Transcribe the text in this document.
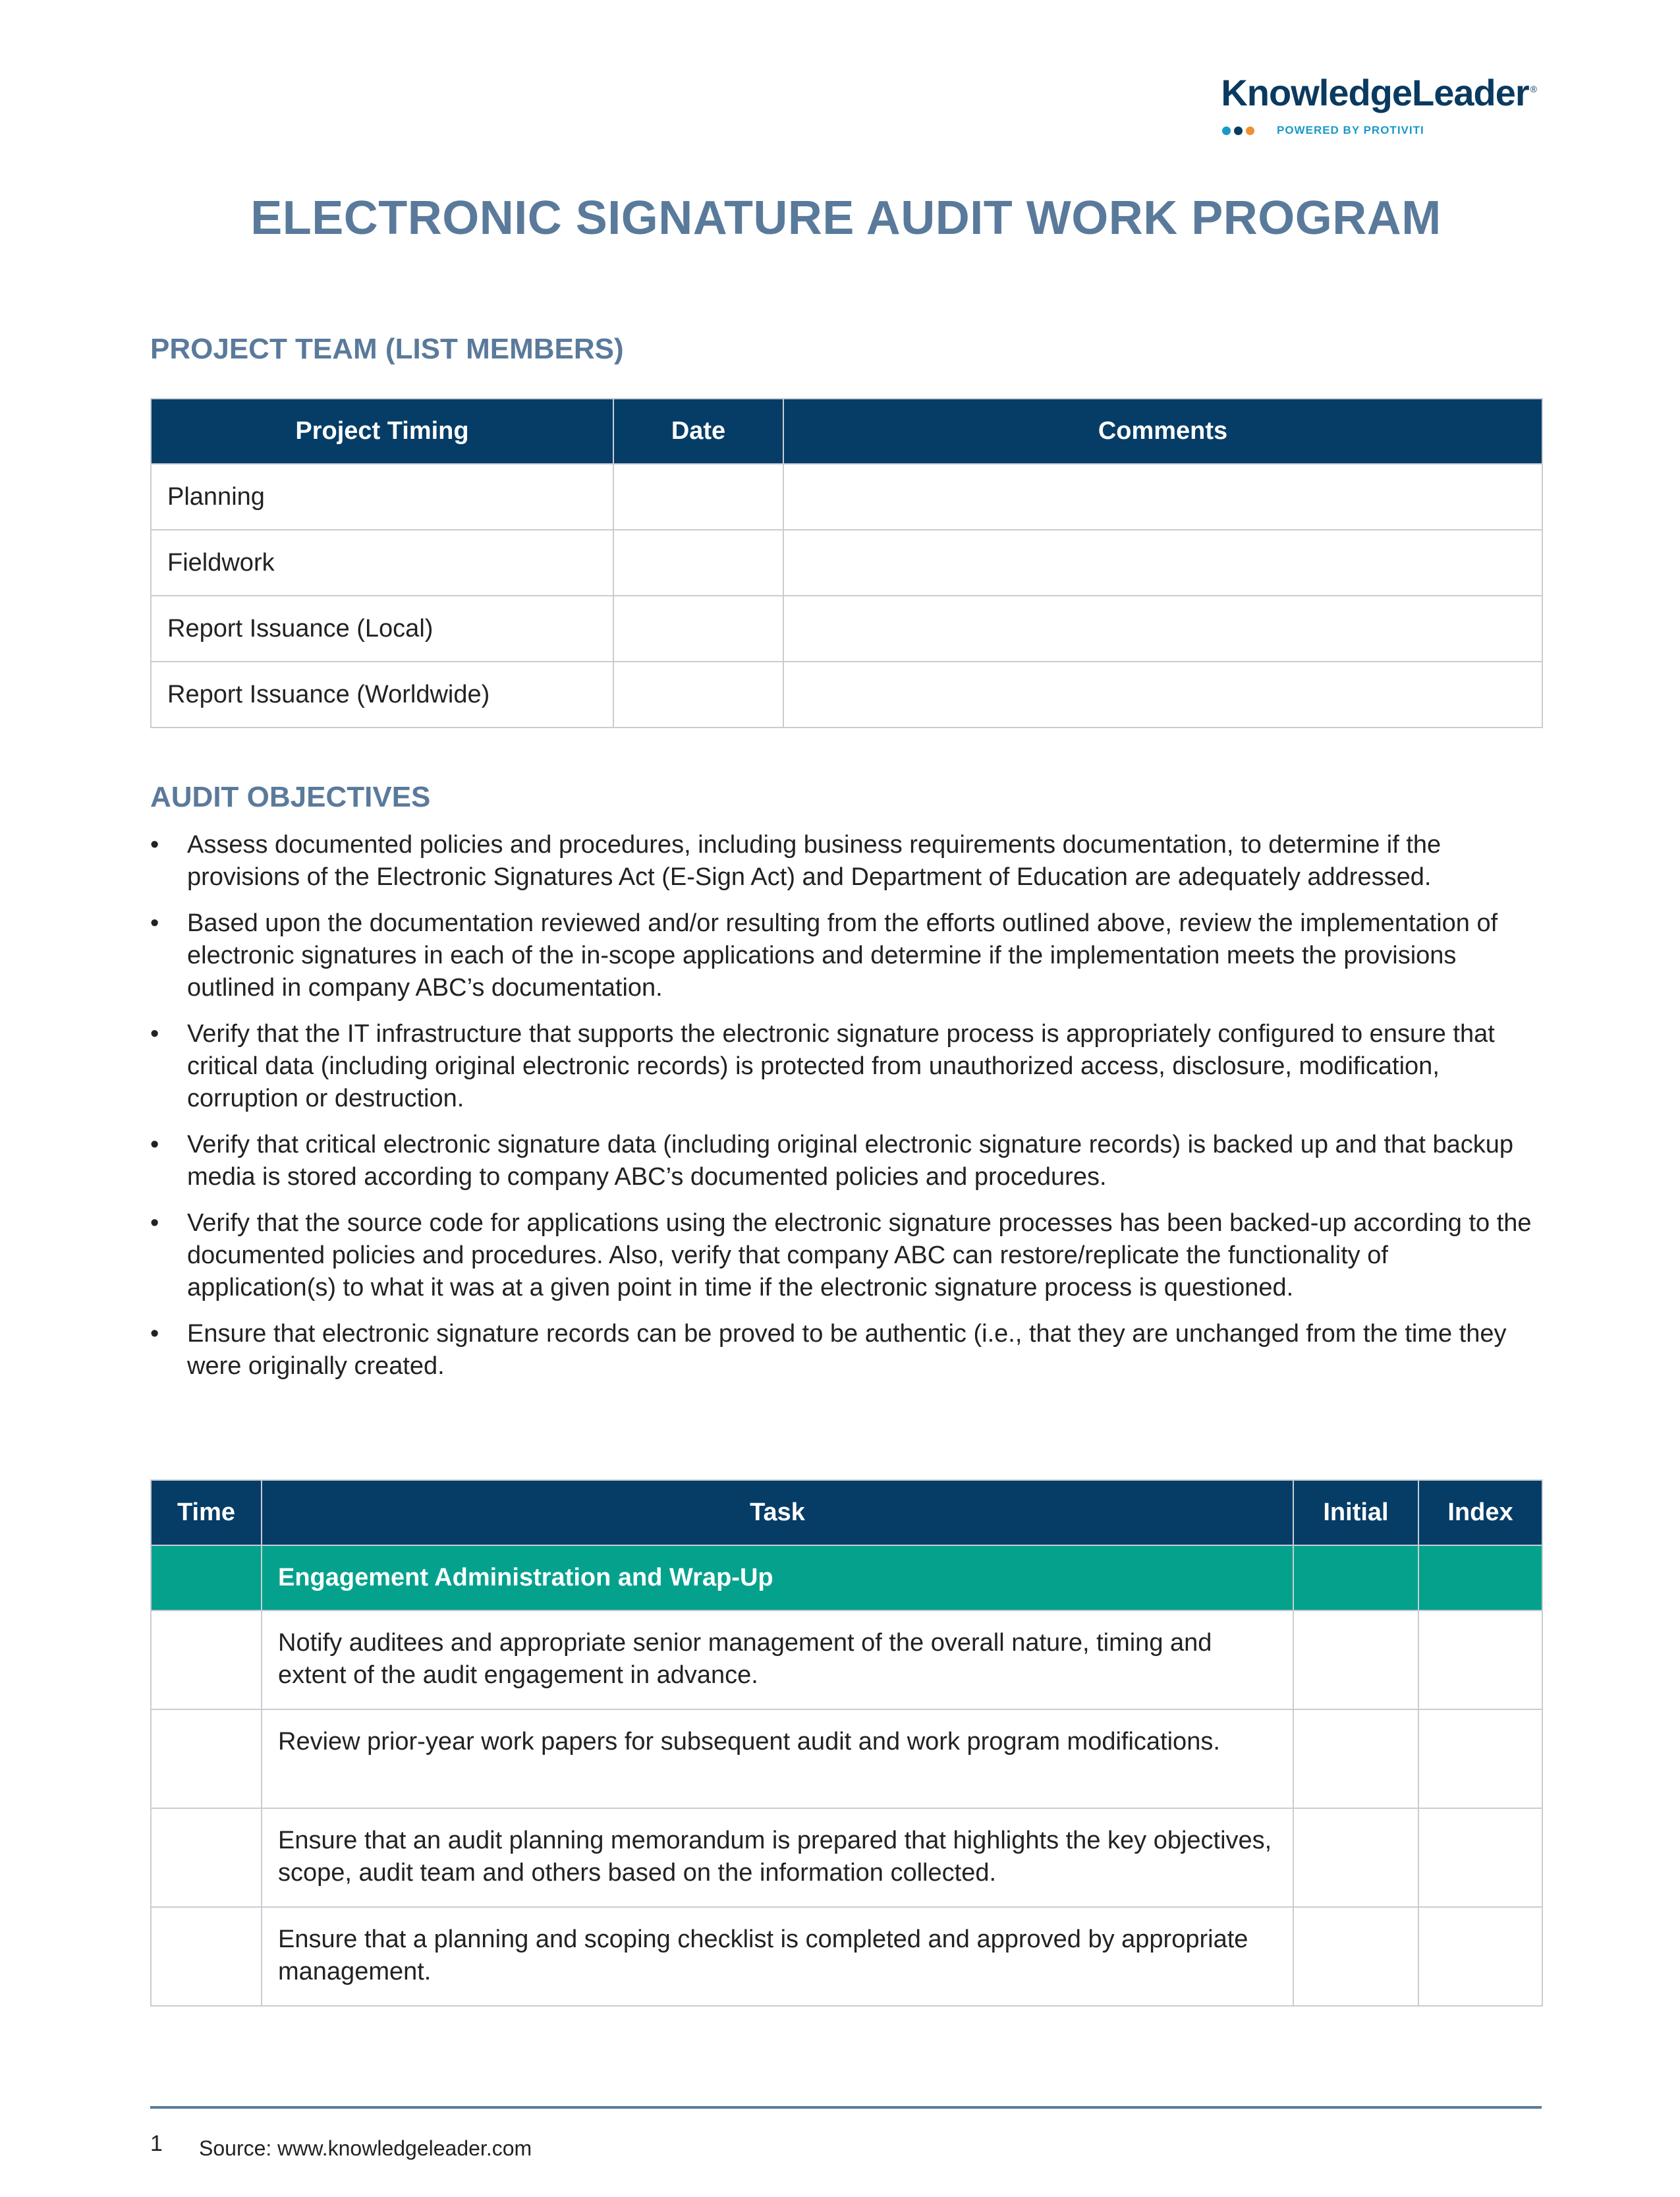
KnowledgeLeader ®
POWERED BY PROTIVITI
ELECTRONIC SIGNATURE AUDIT WORK PROGRAM
PROJECT TEAM (LIST MEMBERS)
Project Timing	Date	Comments
Planning		
Fieldwork		
Report Issuance (Local)		
Report Issuance (Worldwide)		
AUDIT OBJECTIVES
• Assess documented policies and procedures, including business requirements documentation, to determine if the provisions of the Electronic Signatures Act (E-Sign Act) and Department of Education are adequately addressed.
• Based upon the documentation reviewed and/or resulting from the efforts outlined above, review the implementation of electronic signatures in each of the in-scope applications and determine if the implementation meets the provisions outlined in company ABC’s documentation.
• Verify that the IT infrastructure that supports the electronic signature process is appropriately configured to ensure that critical data (including original electronic records) is protected from unauthorized access, disclosure, modification, corruption or destruction.
• Verify that critical electronic signature data (including original electronic signature records) is backed up and that backup media is stored according to company ABC’s documented policies and procedures.
• Verify that the source code for applications using the electronic signature processes has been backed-up according to the documented policies and procedures. Also, verify that company ABC can restore/replicate the functionality of application(s) to what it was at a given point in time if the electronic signature process is questioned.
• Ensure that electronic signature records can be proved to be authentic (i.e., that they are unchanged from the time they were originally created.
Time	Task	Initial	Index
	Engagement Administration and Wrap-Up		
	Notify auditees and appropriate senior management of the overall nature, timing and extent of the audit engagement in advance.		
	Review prior-year work papers for subsequent audit and work program modifications.		
	Ensure that an audit planning memorandum is prepared that highlights the key objectives, scope, audit team and others based on the information collected.		
	Ensure that a planning and scoping checklist is completed and approved by appropriate management.		
1 Source: www.knowledgeleader.com
